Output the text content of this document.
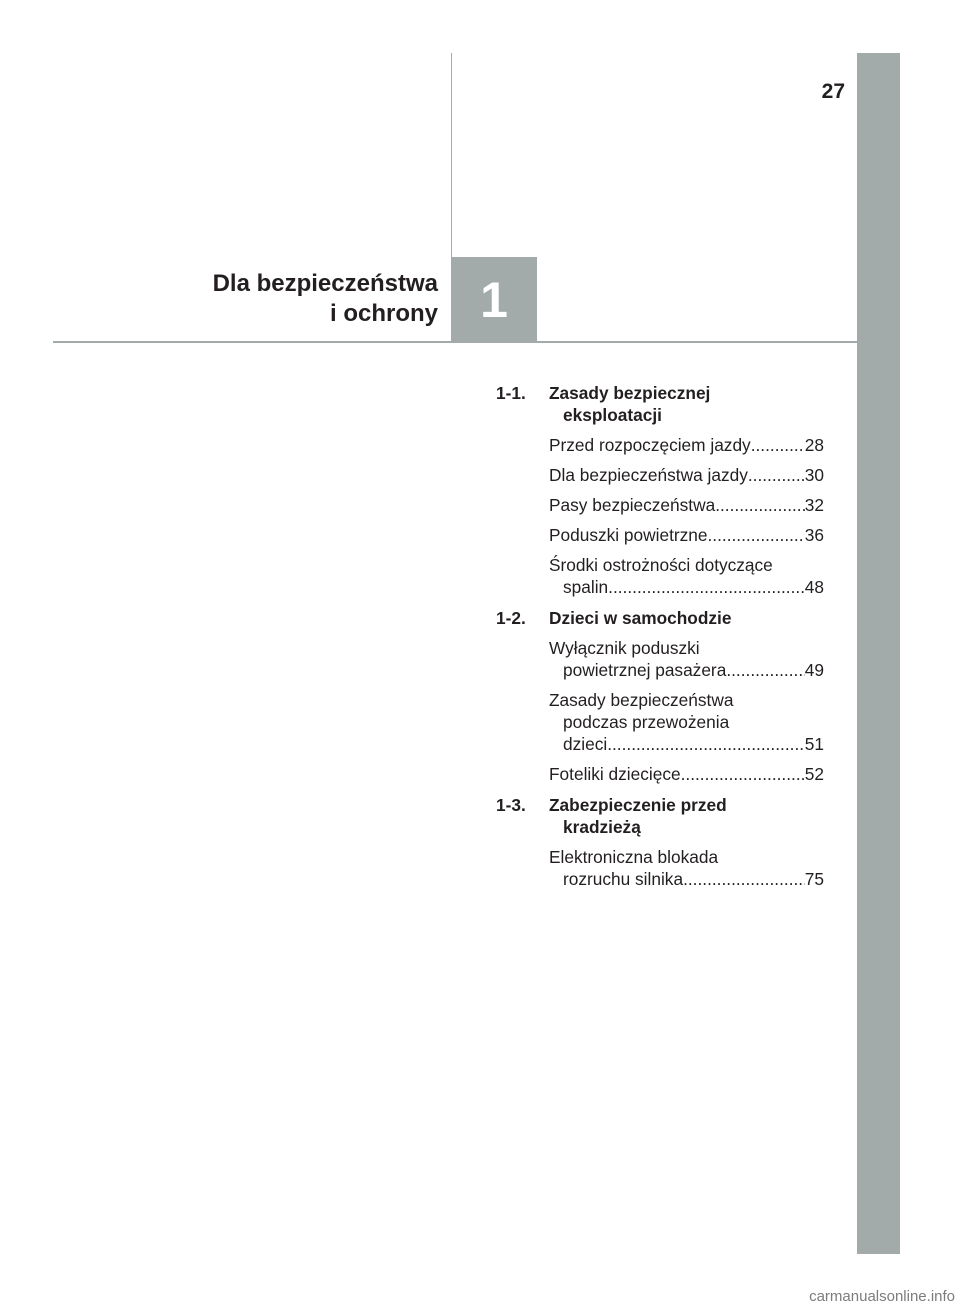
27
Dla bezpieczeństwa
i ochrony 1
1-1.	Zasady bezpiecznej
eksploatacji
Przed rozpoczęciem jazdy .....	28
Dla bezpieczeństwa jazdy .....	30
Pasy bezpieczeństwa .....	32
Poduszki powietrzne .....	36
Środki ostrożności dotyczące
spalin .....	48
1-2.	Dzieci w samochodzie
Wyłącznik poduszki
powietrznej pasażera .....	49
Zasady bezpieczeństwa
podczas przewożenia
dzieci .....	51
Foteliki dziecięce .....	52
1-3.	Zabezpieczenie przed
kradzieżą
Elektroniczna blokada
rozruchu silnika .....	75
carmanualsonline.info
